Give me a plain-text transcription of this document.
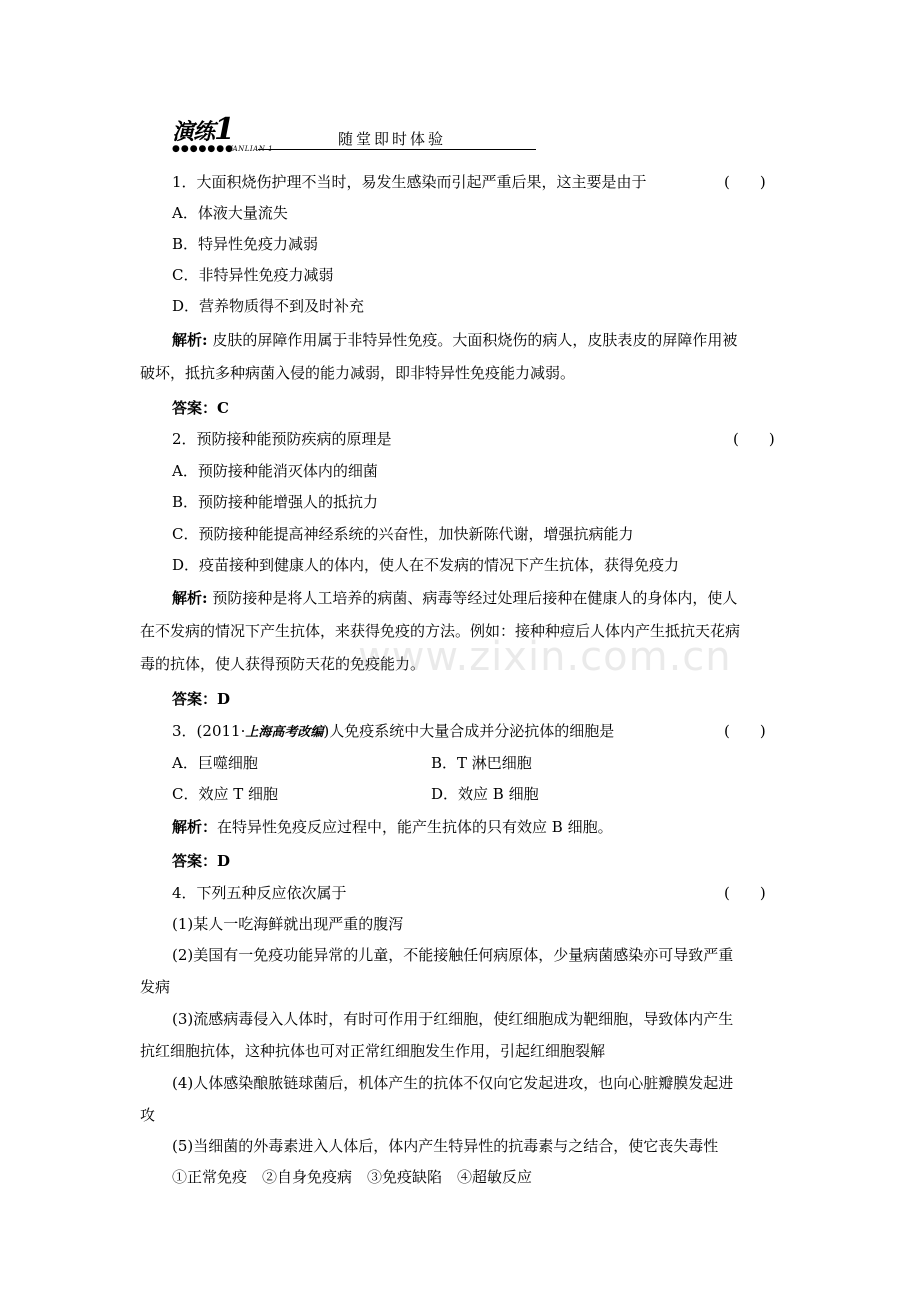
演练1
●●●●●●●
YANLIAN 1
随堂即时体验
www.zixin.com.cn
1．大面积烧伤护理不当时，易发生感染而引起严重后果，这主要是由于	(　　)
A．体液大量流失
B．特异性免疫力减弱
C．非特异性免疫力减弱
D．营养物质得不到及时补充
解析: 皮肤的屏障作用属于非特异性免疫。大面积烧伤的病人，皮肤表皮的屏障作用被
破坏，抵抗多种病菌入侵的能力减弱，即非特异性免疫能力减弱。
答案：C
2．预防接种能预防疾病的原理是	(　　)
A．预防接种能消灭体内的细菌
B．预防接种能增强人的抵抗力
C．预防接种能提高神经系统的兴奋性，加快新陈代谢，增强抗病能力
D．疫苗接种到健康人的体内，使人在不发病的情况下产生抗体，获得免疫力
解析: 预防接种是将人工培养的病菌、病毒等经过处理后接种在健康人的身体内，使人
在不发病的情况下产生抗体，来获得免疫的方法。例如：接种种痘后人体内产生抵抗天花病
毒的抗体，使人获得预防天花的免疫能力。
答案：D
3．(2011·上海高考改编)人免疫系统中大量合成并分泌抗体的细胞是	(　　)
A．巨噬细胞	B．T 淋巴细胞
C．效应 T 细胞	D．效应 B 细胞
解析：在特异性免疫反应过程中，能产生抗体的只有效应 B 细胞。
答案：D
4．下列五种反应依次属于	(　　)
(1)某人一吃海鲜就出现严重的腹泻
(2)美国有一免疫功能异常的儿童，不能接触任何病原体，少量病菌感染亦可导致严重
发病
(3)流感病毒侵入人体时，有时可作用于红细胞，使红细胞成为靶细胞，导致体内产生
抗红细胞抗体，这种抗体也可对正常红细胞发生作用，引起红细胞裂解
(4)人体感染酿脓链球菌后，机体产生的抗体不仅向它发起进攻，也向心脏瓣膜发起进
攻
(5)当细菌的外毒素进入人体后，体内产生特异性的抗毒素与之结合，使它丧失毒性
①正常免疫　②自身免疫病　③免疫缺陷　④超敏反应
